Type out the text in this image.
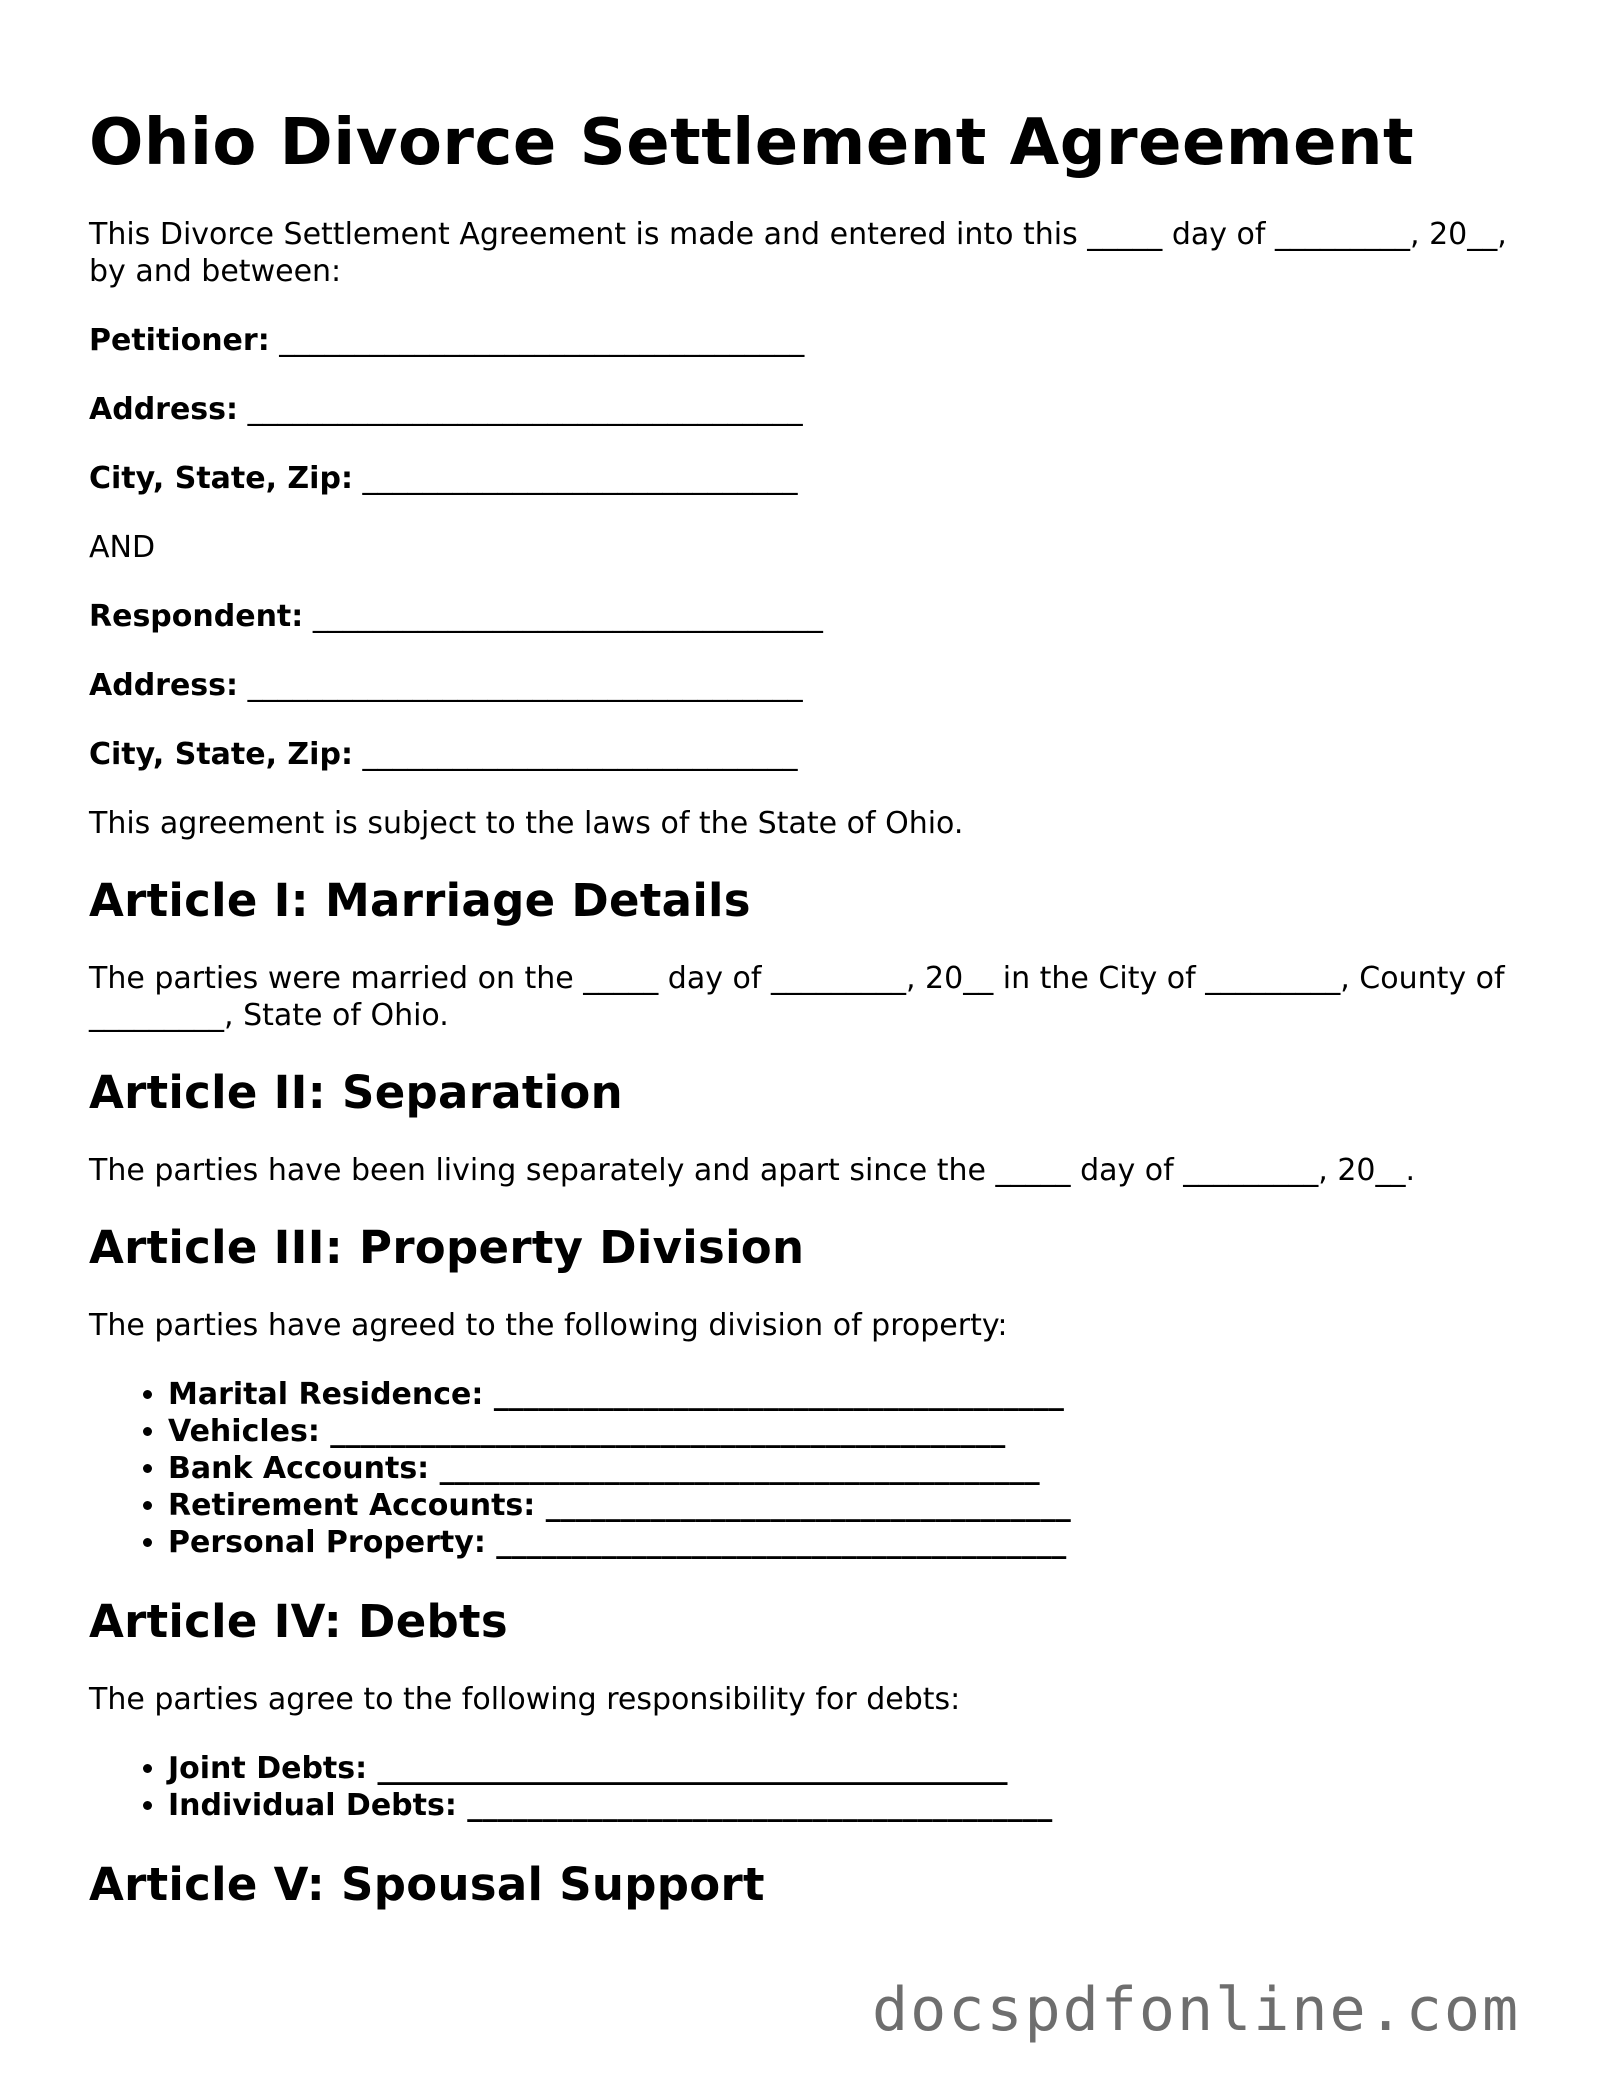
Ohio Divorce Settlement Agreement

This Divorce Settlement Agreement is made and entered into this _____ day of _________, 20__, by and between:

Petitioner: ___________________________________
Address: _____________________________________
City, State, Zip: _____________________________

AND

Respondent: __________________________________
Address: _____________________________________
City, State, Zip: _____________________________

This agreement is subject to the laws of the State of Ohio.

Article I: Marriage Details

The parties were married on the _____ day of _________, 20__ in the City of _________, County of _________, State of Ohio.

Article II: Separation

The parties have been living separately and apart since the _____ day of _________, 20__.

Article III: Property Division

The parties have agreed to the following division of property:

• Marital Residence: ______________________________________
• Vehicles: _____________________________________________
• Bank Accounts: ________________________________________
• Retirement Accounts: ___________________________________
• Personal Property: ______________________________________
Article IV: Debts

The parties agree to the following responsibility for debts:

• Joint Debts: __________________________________________
• Individual Debts: _______________________________________
Article V: Spousal Support
docspdfonline.com
